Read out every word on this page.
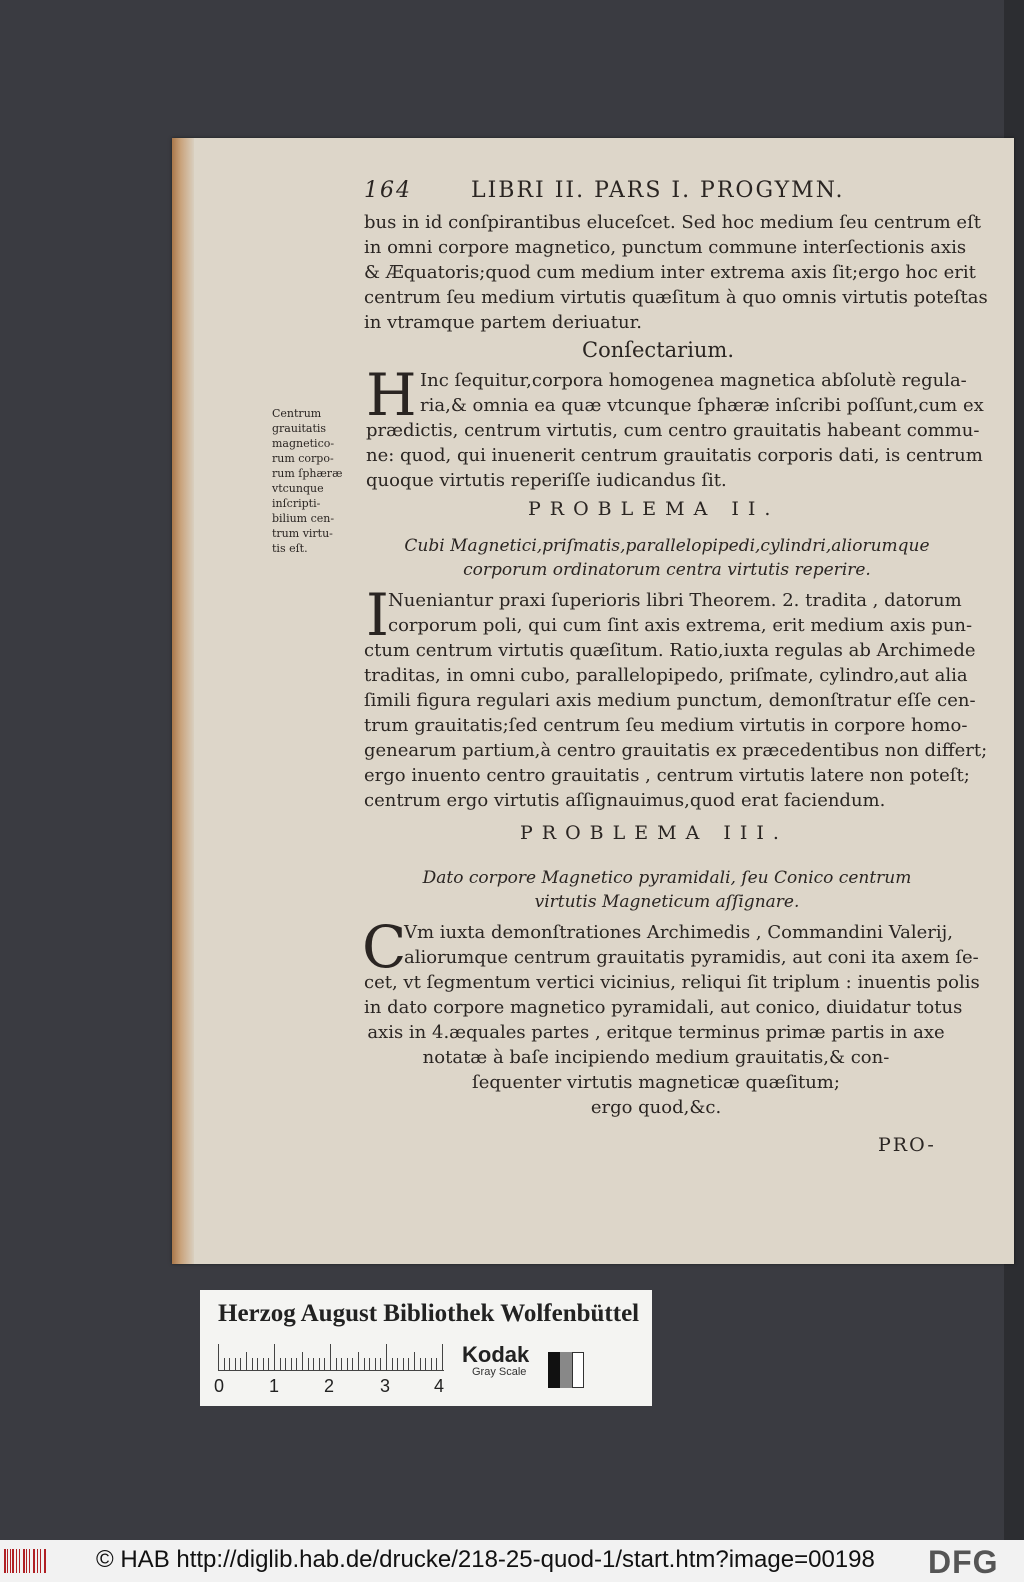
164	LIBRI II. PARS I. PROGYMN.
bus in id conſpirantibus eluceſcet. Sed hoc medium ſeu centrum eſt
in omni corpore magnetico, punctum commune interſectionis axis
& Æquatoris;quod cum medium inter extrema axis ſit;ergo hoc erit
centrum ſeu medium virtutis quæſitum à quo omnis virtutis poteſtas
in vtramque partem deriuatur.
Conſectarium.
H Inc ſequitur,corpora homogenea magnetica abſolutè regula-
ria,& omnia ea quæ vtcunque ſphæræ inſcribi poſſunt,cum ex
prædictis, centrum virtutis, cum centro grauitatis habeant commu-
ne: quod, qui inuenerit centrum grauitatis corporis dati, is centrum
quoque virtutis reperiſſe iudicandus ſit.
Centrum
grauitatis
magnetico-
rum corpo-
rum ſphæræ
vtcunque
inſcripti-
bilium cen-
trum virtu-
tis eſt.
PROBLEMA II.
Cubi Magnetici,priſmatis,parallelopipedi,cylindri,aliorumque
corporum ordinatorum centra virtutis reperire.
I Nueniantur praxi ſuperioris libri Theorem. 2. tradita , datorum
corporum poli, qui cum ſint axis extrema, erit medium axis pun-
ctum centrum virtutis quæſitum. Ratio,iuxta regulas ab Archimede
traditas, in omni cubo, parallelopipedo, priſmate, cylindro,aut alia
ſimili figura regulari axis medium punctum, demonſtratur eſſe cen-
trum grauitatis;ſed centrum ſeu medium virtutis in corpore homo-
genearum partium,à centro grauitatis ex præcedentibus non differt;
ergo inuento centro grauitatis , centrum virtutis latere non poteſt;
centrum ergo virtutis aſſignauimus,quod erat faciendum.
PROBLEMA III.
Dato corpore Magnetico pyramidali, ſeu Conico centrum
virtutis Magneticum aſſignare.
C
Vm iuxta demonſtrationes Archimedis , Commandini Valerij,
aliorumque centrum grauitatis pyramidis, aut coni ita axem ſe-
cet, vt ſegmentum vertici vicinius, reliqui ſit triplum : inuentis polis
in dato corpore magnetico pyramidali, aut conico, diuidatur totus
axis in 4.æquales partes , eritque terminus primæ partis in axe
notatæ à baſe incipiendo medium grauitatis,& con-
ſequenter virtutis magneticæ quæſitum;
ergo quod,&c.
PRO-
Herzog August Bibliothek Wolfenbüttel
0 1 2	3 4
Kodak
Gray Scale
© HAB http://diglib.hab.de/drucke/218-25-quod-1/start.htm?image=00198 DFG
